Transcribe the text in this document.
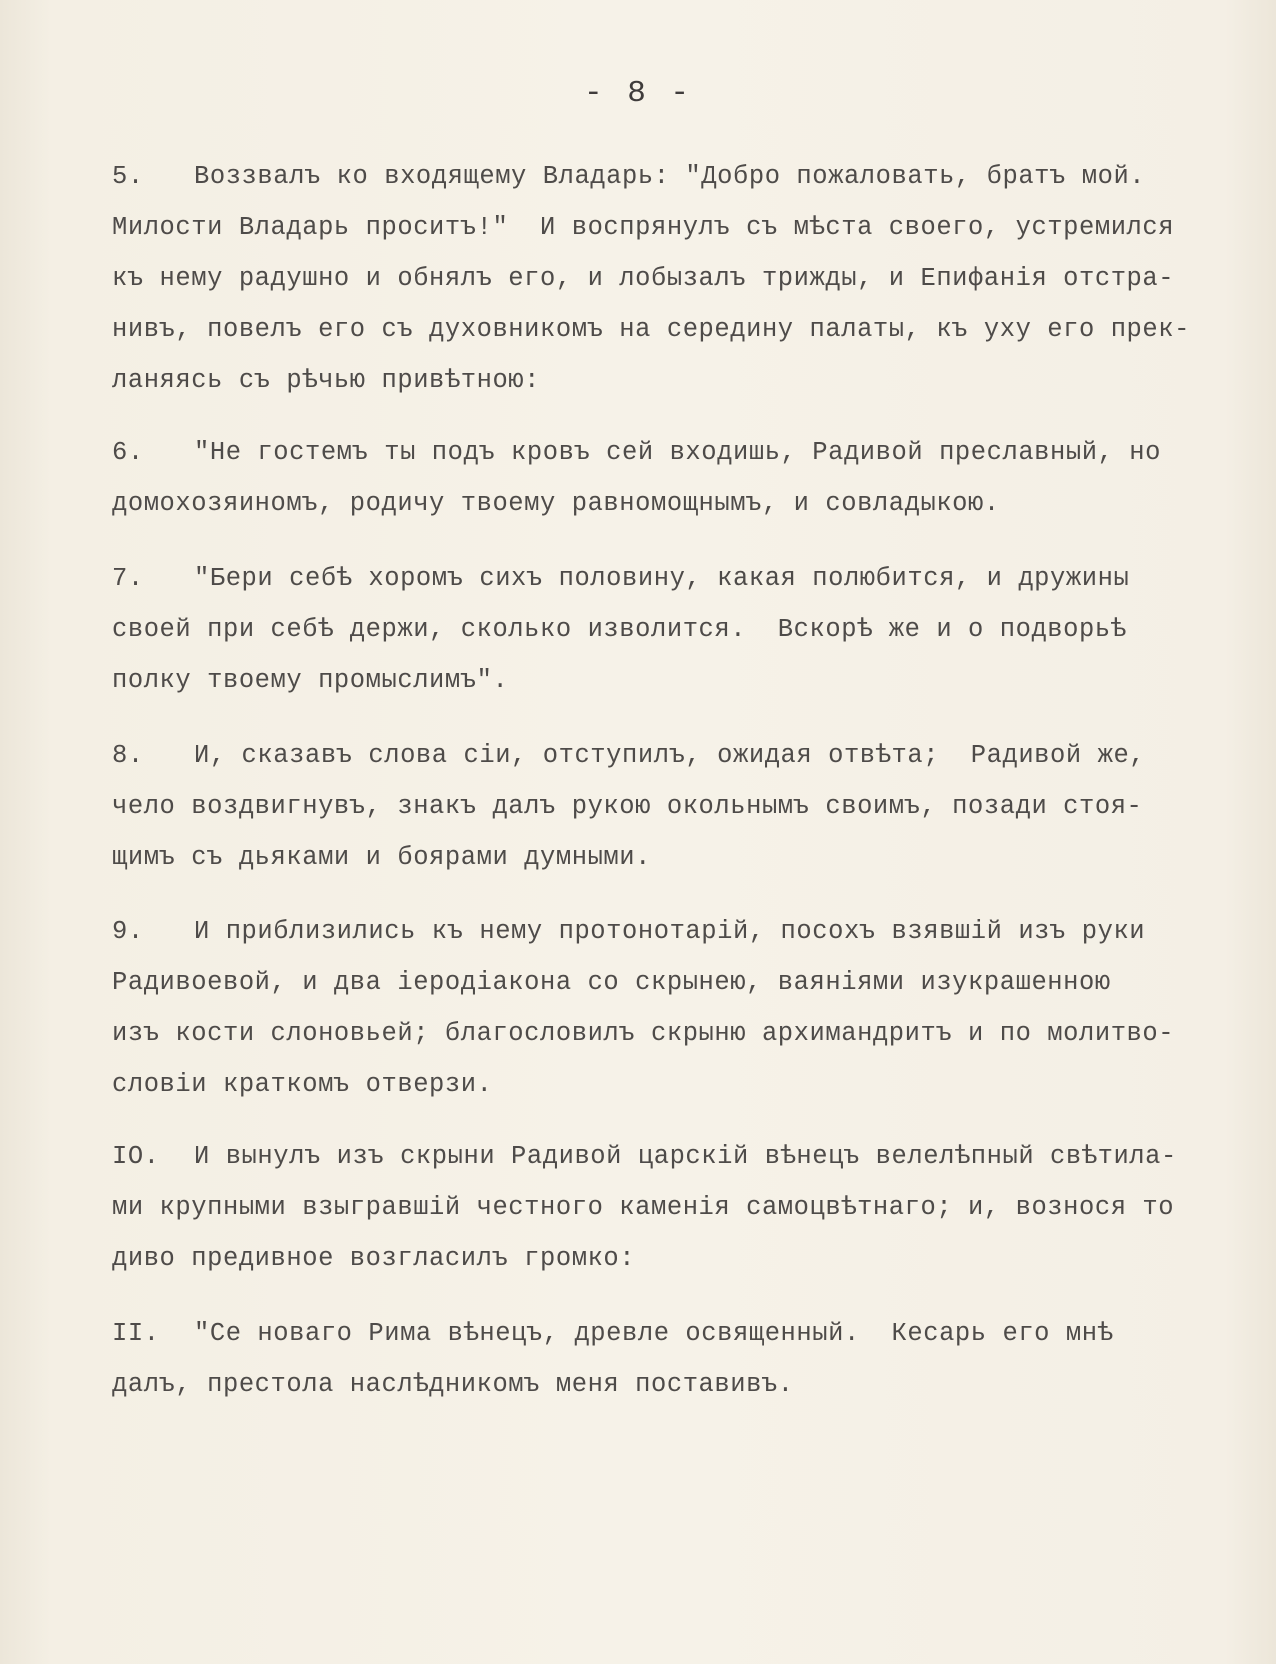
- 8 -
5. Воззвалъ ко входящему Владарь: "Добро пожаловать, братъ мой.
Милости Владарь проситъ!"  И воспрянулъ съ мѣста своего, устремился
къ нему радушно и обнялъ его, и лобызалъ трижды, и Епифанія отстра-
нивъ, повелъ его съ духовникомъ на середину палаты, къ уху его прек-
ланяясь съ рѣчью привѣтною:
6. "Не гостемъ ты подъ кровъ сей входишь, Радивой преславный, но
домохозяиномъ, родичу твоему равномощнымъ, и совладыкою.
7. "Бери себѣ хоромъ сихъ половину, какая полюбится, и дружины
своей при себѣ держи, сколько изволится.  Вскорѣ же и о подворьѣ
полку твоему промыслимъ".
8. И, сказавъ слова сіи, отступилъ, ожидая отвѣта;  Радивой же,
чело воздвигнувъ, знакъ далъ рукою окольнымъ своимъ, позади стоя-
щимъ съ дьяками и боярами думными.
9. И приблизились къ нему протонотарій, посохъ взявшій изъ руки
Радивоевой, и два іеродіакона со скрынею, ваяніями изукрашенною
изъ кости слоновьей; благословилъ скрыню архимандритъ и по молитво-
словіи краткомъ отверзи.
IO. И вынулъ изъ скрыни Радивой царскій вѣнецъ велелѣпный свѣтила-
ми крупными взыгравшій честного каменія самоцвѣтнаго; и, вознося то
диво предивное возгласилъ громко:
II. "Се новаго Рима вѣнецъ, древле освященный.  Кесарь его мнѣ
далъ, престола наслѣдникомъ меня поставивъ.
